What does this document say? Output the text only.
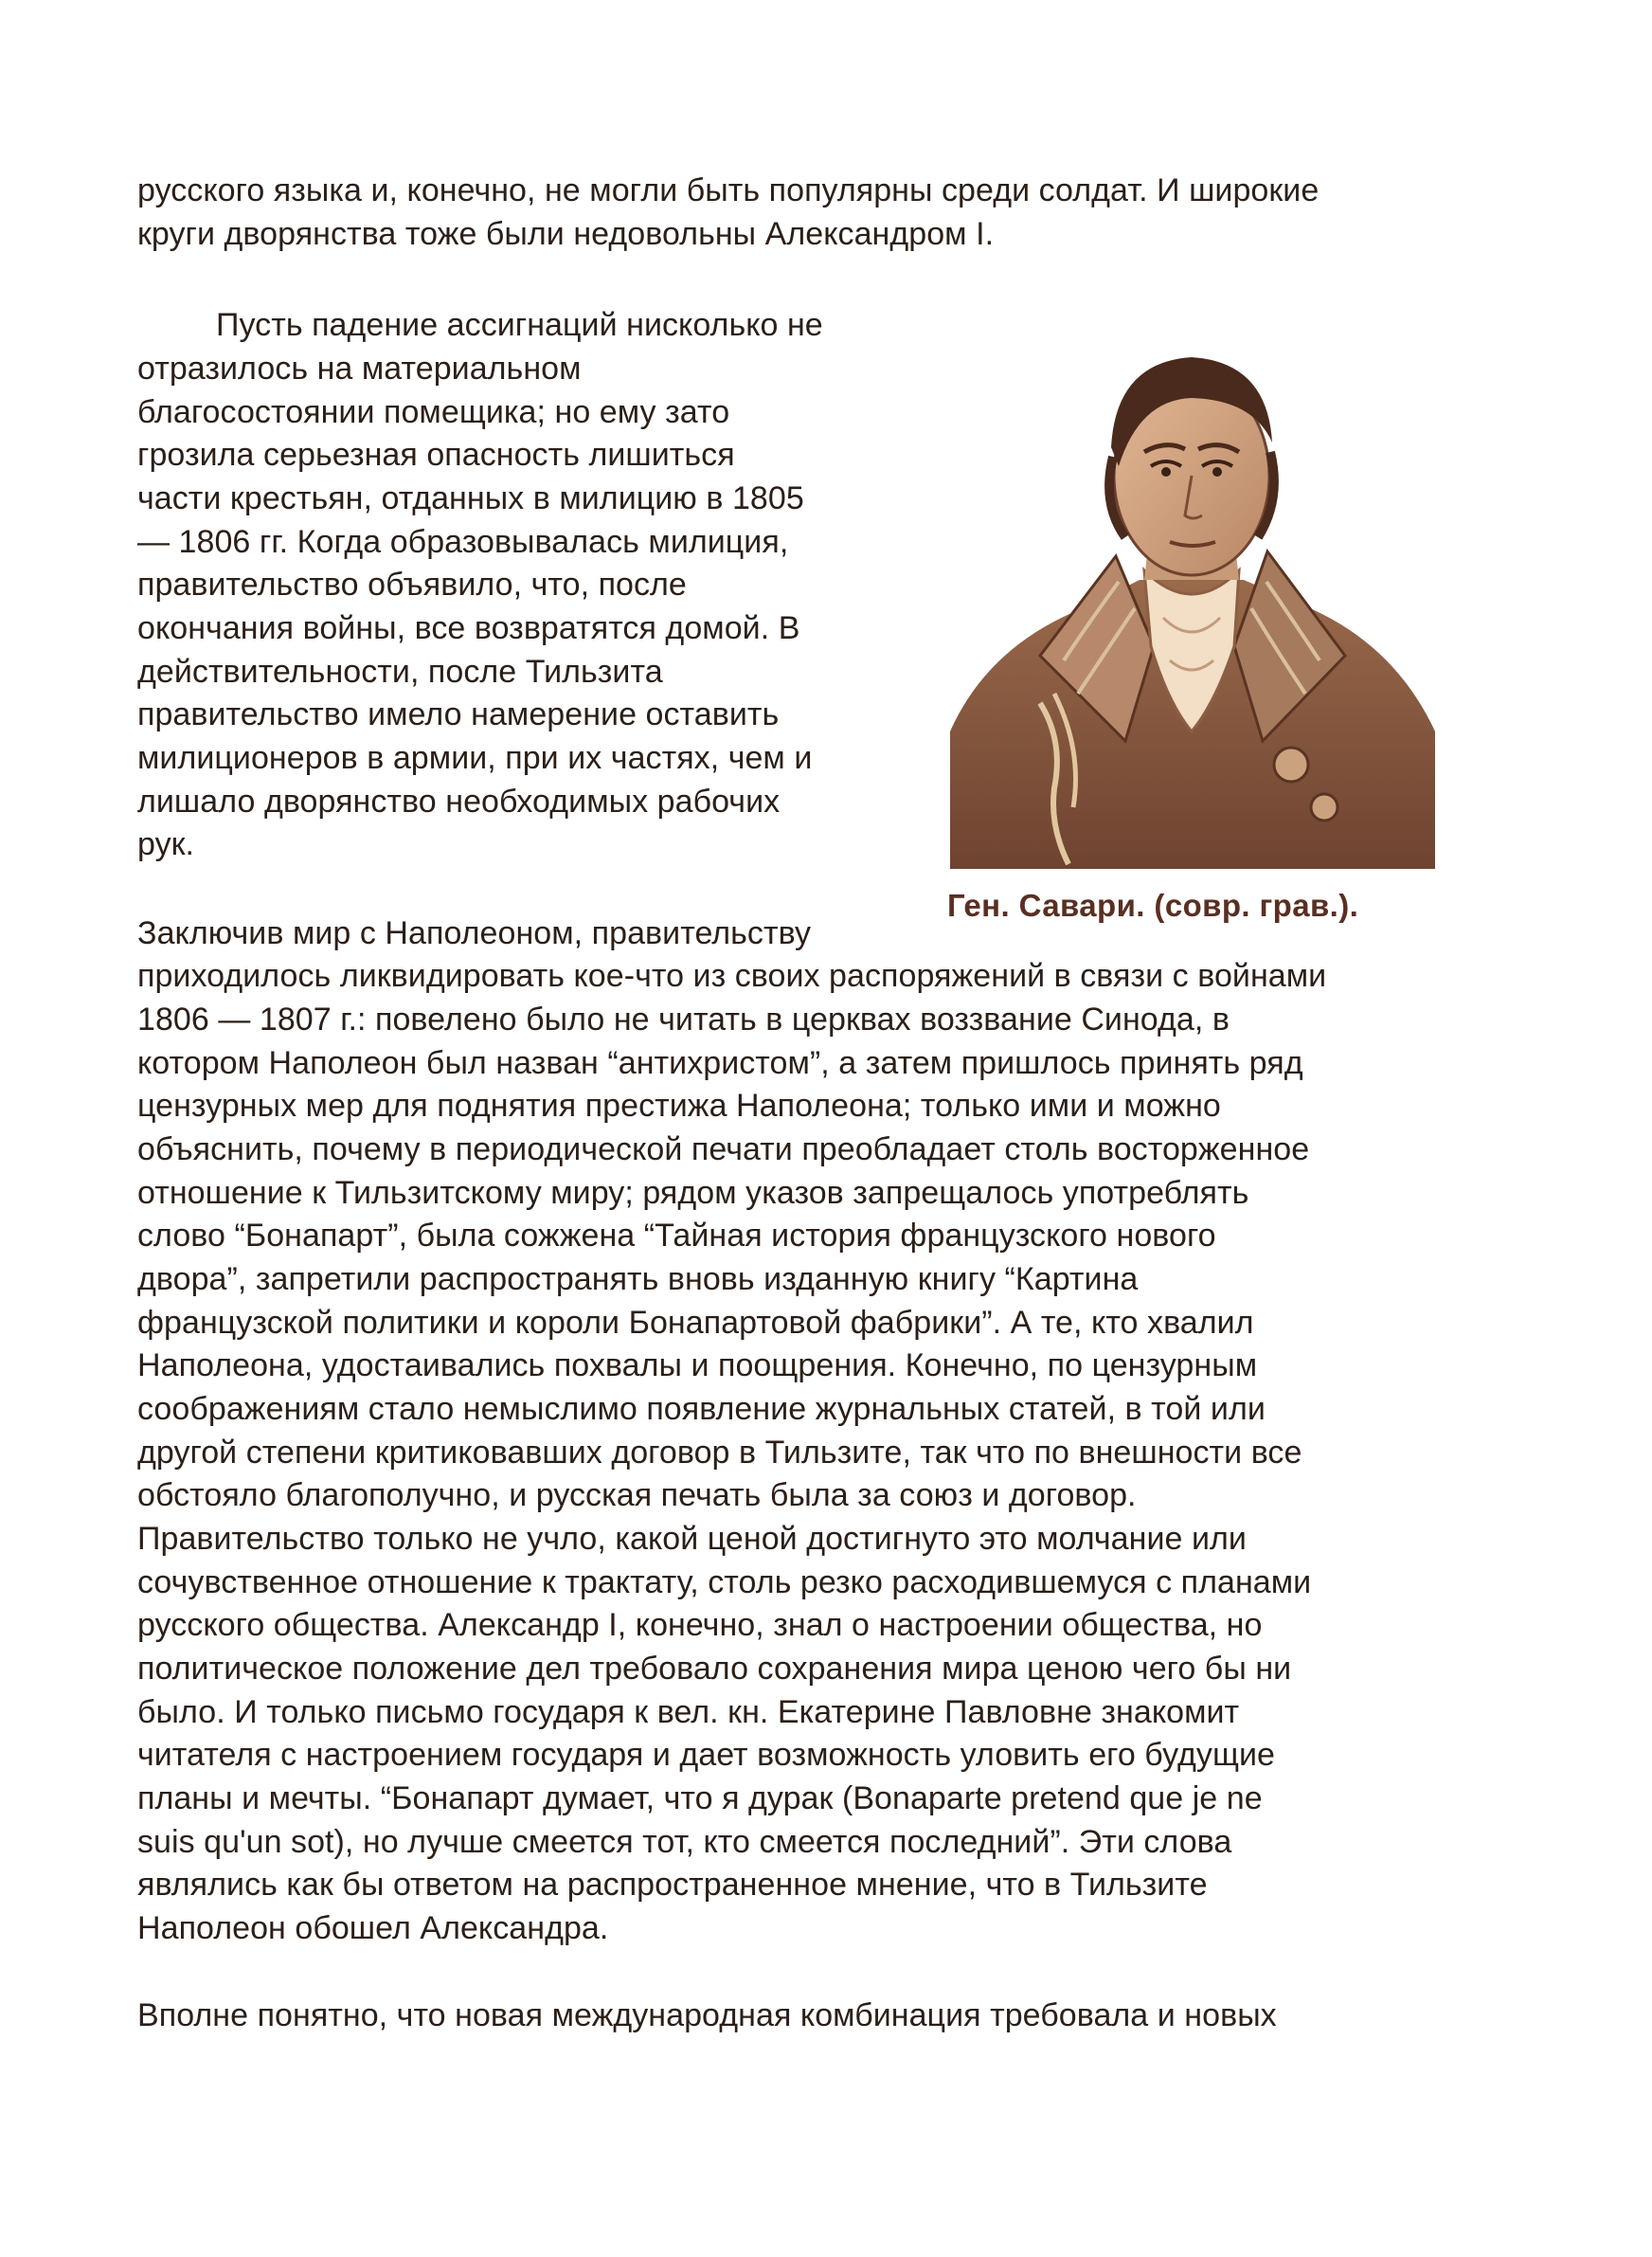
русского языка и, конечно, не могли быть популярны среди солдат. И широкие
круги дворянства тоже были недовольны Александром I.
Пусть падение ассигнаций нисколько не
отразилось на материальном
благосостоянии помещика; но ему зато
грозила серьезная опасность лишиться
части крестьян, отданных в милицию в 1805
— 1806 гг. Когда образовывалась милиция,
правительство объявило, что, после
окончания войны, все возвратятся домой. В
действительности, после Тильзита
правительство имело намерение оставить
милиционеров в армии, при их частях, чем и
лишало дворянство необходимых рабочих
рук.
Ген. Савари. (совр. грав.).
Заключив мир с Наполеоном, правительству
приходилось ликвидировать кое-что из своих распоряжений в связи с войнами
1806 — 1807 г.: повелено было не читать в церквах воззвание Синода, в
котором Наполеон был назван “антихристом”, а затем пришлось принять ряд
цензурных мер для поднятия престижа Наполеона; только ими и можно
объяснить, почему в периодической печати преобладает столь восторженное
отношение к Тильзитскому миру; рядом указов запрещалось употреблять
слово “Бонапарт”, была сожжена “Тайная история французского нового
двора”, запретили распространять вновь изданную книгу “Картина
французской политики и короли Бонапартовой фабрики”. А те, кто хвалил
Наполеона, удостаивались похвалы и поощрения. Конечно, по цензурным
соображениям стало немыслимо появление журнальных статей, в той или
другой степени критиковавших договор в Тильзите, так что по внешности все
обстояло благополучно, и русская печать была за союз и договор.
Правительство только не учло, какой ценой достигнуто это молчание или
сочувственное отношение к трактату, столь резко расходившемуся с планами
русского общества. Александр I, конечно, знал о настроении общества, но
политическое положение дел требовало сохранения мира ценою чего бы ни
было. И только письмо государя к вел. кн. Екатерине Павловне знакомит
читателя с настроением государя и дает возможность уловить его будущие
планы и мечты. “Бонапарт думает, что я дурак (Bonaparte pretend que je ne
suis qu'un sot), но лучше смеется тот, кто смеется последний”. Эти слова
являлись как бы ответом на распространенное мнение, что в Тильзите
Наполеон обошел Александра.
Вполне понятно, что новая международная комбинация требовала и новых
